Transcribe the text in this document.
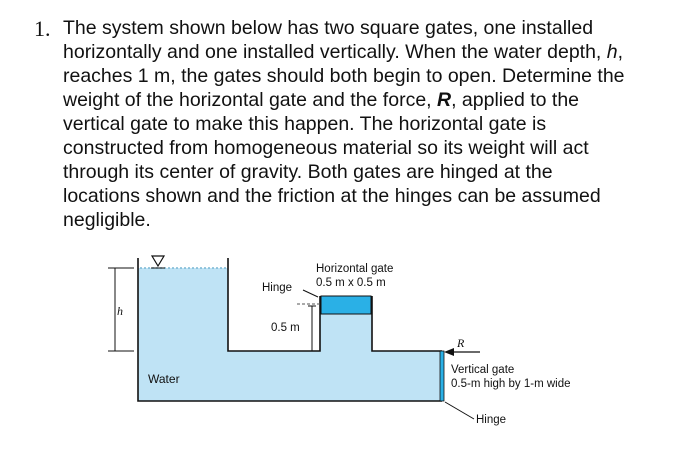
1. The system shown below has two square gates, one installed
horizontally and one installed vertically. When the water depth, h,
reaches 1 m, the gates should both begin to open. Determine the
weight of the horizontal gate and the force, R, applied to the
vertical gate to make this happen. The horizontal gate is
constructed from homogeneous material so its weight will act
through its center of gravity. Both gates are hinged at the
locations shown and the friction at the hinges can be assumed
negligible.
Water
Hinge
Horizontal gate
0.5 m x 0.5 m
0.5 m
h
R
Vertical gate
0.5-m high by 1-m wide
Hinge
